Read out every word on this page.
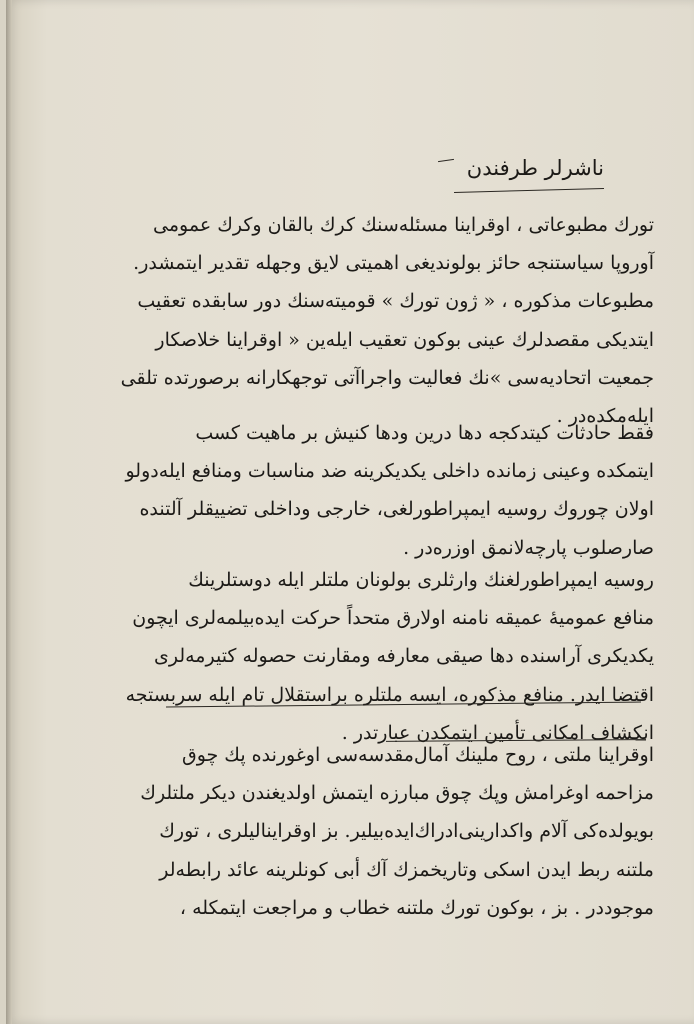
ناشرلر طرفندن
تورك مطبوعاتی ، اوقراینا مسئله‌سنك كرك بالقان وكرك عمومی
آوروپا سیاستنجه حائز بولوندیغی اهمیتی لایق وجهله تقدیر ایتمشدر.
مطبوعات مذكوره ، « ژون تورك » قومیته‌سنك دور سابقده تعقیب
ایتدیكی مقصدلرك عینی بوكون تعقیب ایله‌ین « اوقراینا خلاصكار
جمعیت اتحادیه‌سی »نك فعالیت واجراآتی توجهكارانه برصورتده تلقی
ایله‌مكده‌در .
فقط حادثات كیتدكجه دها درین ودها كنیش بر ماهیت كسب
ایتمكده وعینی زمانده داخلی یكدیكرینه ضد مناسبات ومنافع ایله‌دولو
اولان چوروك روسیه ایمپراطورلغی، خارجی وداخلی تضییقلر آلتنده
صارصلوب پارچه‌لانمق اوزره‌در .
روسیه ایمپراطورلغنك وارثلری بولونان ملتلر ایله دوستلرینك
منافع عمومیهٔ عمیقه نامنه اولارق متحداً حركت ایده‌بیلمه‌لری ایچون
یكدیكری آراسنده دها صیقی معارفه ومقارنت حصوله كتیرمه‌لری
اقتضا ایدر. منافع مذكوره، ایسه ملتلره براستقلال تام ایله سربستجه
انكشاف امكانی تأمین ایتمكدن عبارتدر .
اوقراینا ملتی ، روح ملینك آمال‌مقدسه‌سی اوغورنده پك چوق
مزاحمه اوغرامش وپك چوق مبارزه ایتمش اولدیغندن دیكر ملتلرك
بویولده‌كی آلام واكدارینی‌ادراك‌ایده‌بیلیر. بز اوقرایناليلری ، تورك
ملتنه ربط ایدن اسكی وتاریخمزك آك أبی كونلرینه عائد رابطه‌لر
موجوددر . بز ، بوكون تورك ملتنه خطاب و مراجعت ایتمكله ،
